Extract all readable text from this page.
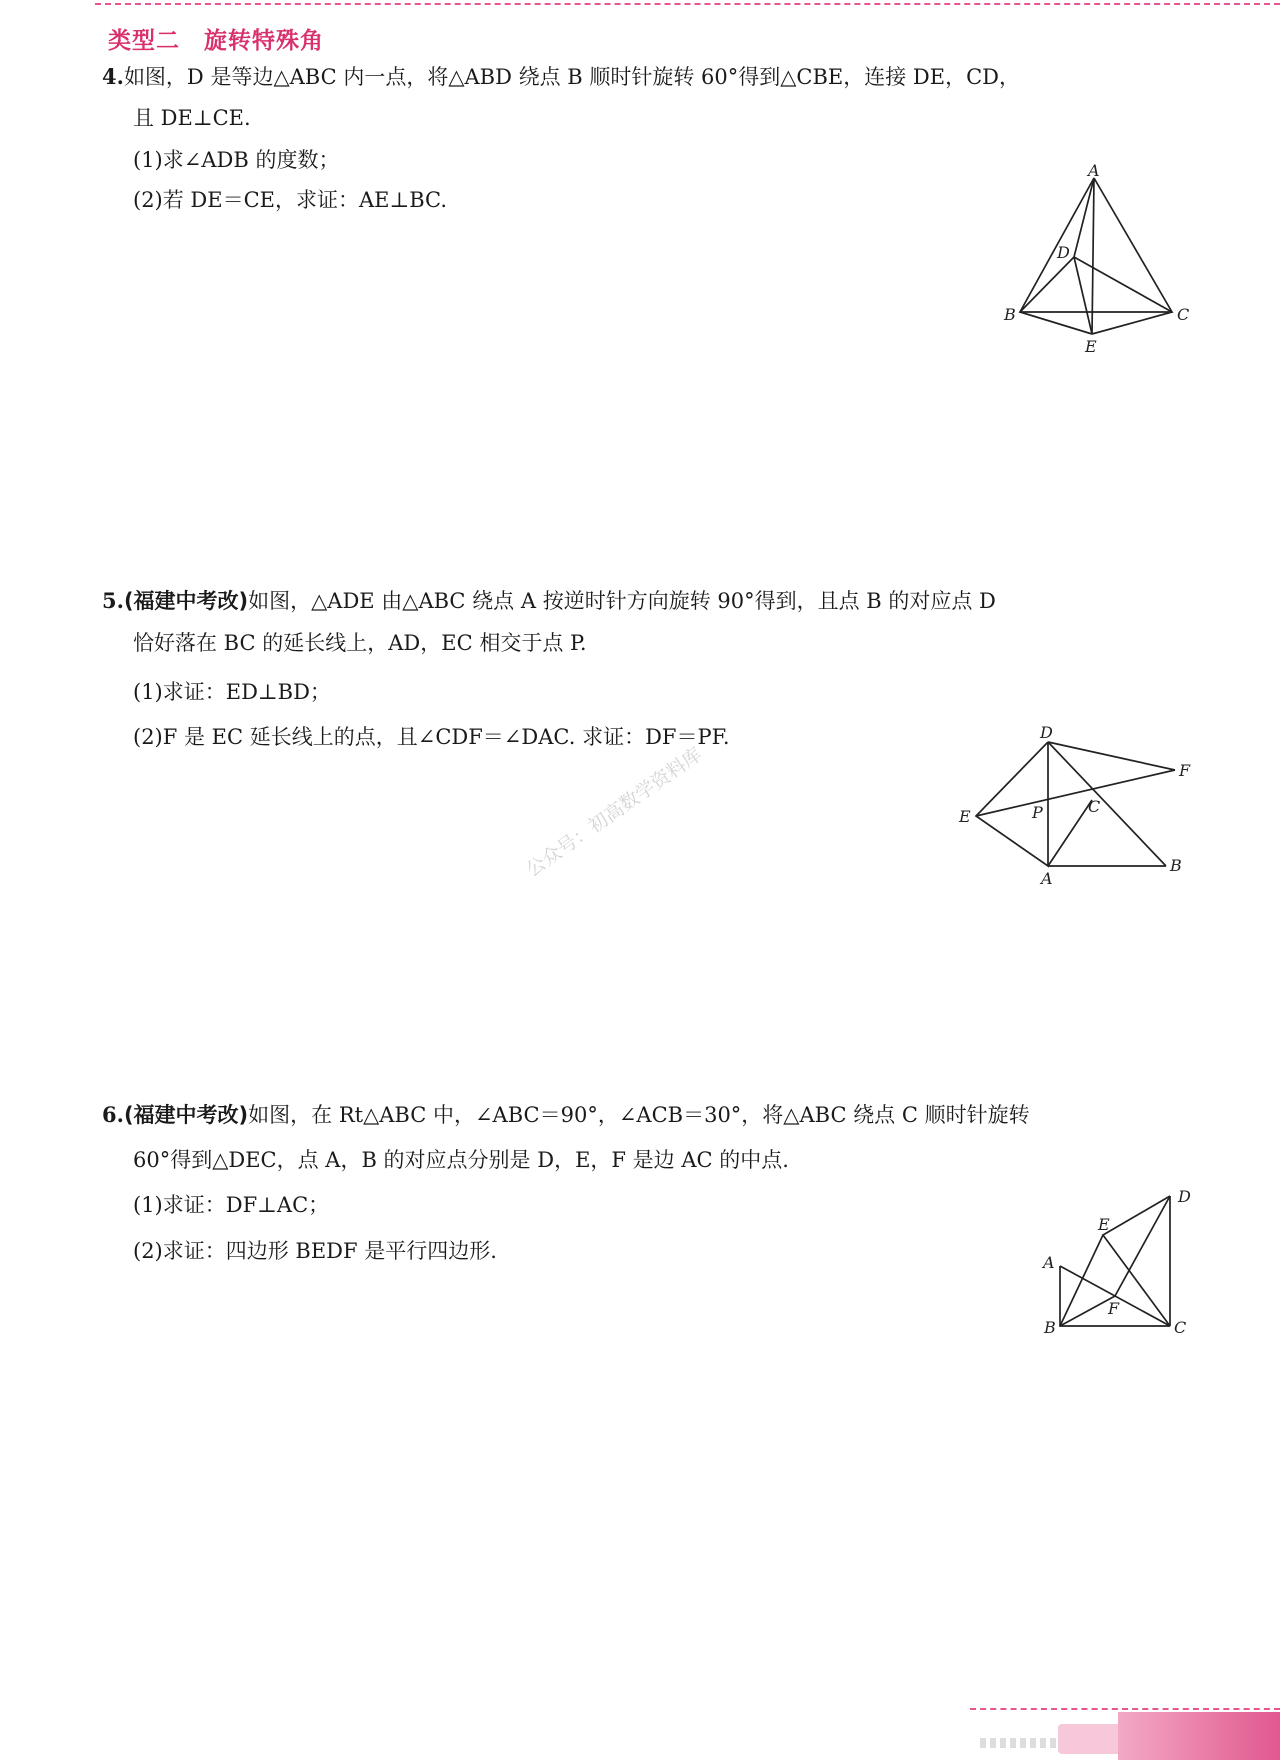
类型二　旋转特殊角
4.如图，D 是等边△ABC 内一点，将△ABD 绕点 B 顺时针旋转 60°得到△CBE，连接 DE，CD，
且 DE⊥CE.
(1)求∠ADB 的度数；
(2)若 DE＝CE，求证：AE⊥BC.
A
B	C
D
E
5.(福建中考改)如图，△ADE 由△ABC 绕点 A 按逆时针方向旋转 90°得到，且点 B 的对应点 D
恰好落在 BC 的延长线上，AD，EC 相交于点 P.
(1)求证：ED⊥BD；
(2)F 是 EC 延长线上的点，且∠CDF＝∠DAC. 求证：DF＝PF.	D
E
A
B
C
F
P
公众号：初高数学资料库
6.(福建中考改)如图，在 Rt△ABC 中，∠ABC＝90°，∠ACB＝30°，将△ABC 绕点 C 顺时针旋转
60°得到△DEC，点 A，B 的对应点分别是 D，E，F 是边 AC 的中点.
(1)求证：DF⊥AC；
(2)求证：四边形 BEDF 是平行四边形.
D
E
A
B	C
F
